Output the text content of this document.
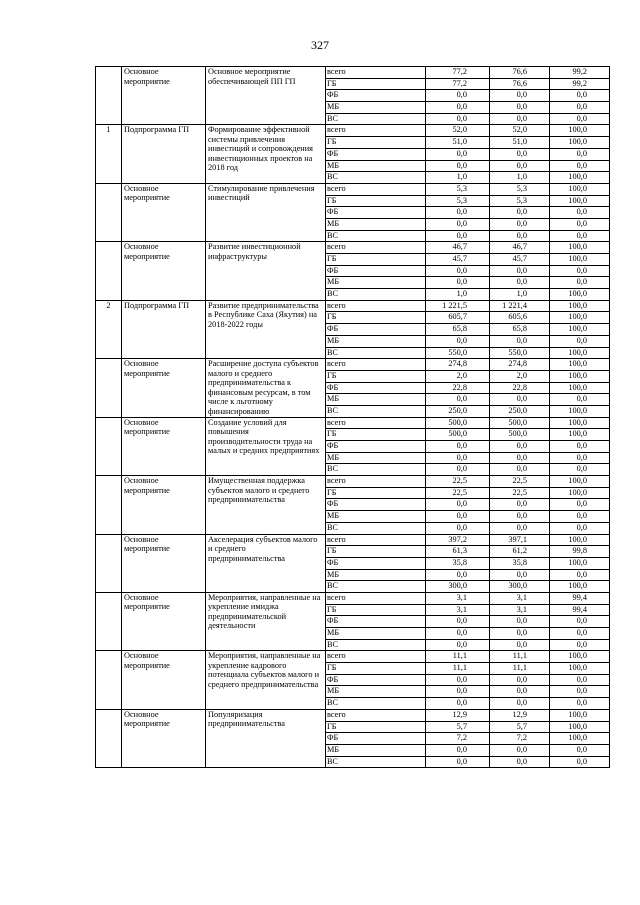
327
	Основное мероприятие	Основное мероприятие обеспечивающей ПП ГП	всего	77,2	76,6	99,2
			ГБ	77,2	76,6	99,2
			ФБ	0,0	0,0	0,0
			МБ	0,0	0,0	0,0
			ВС	0,0	0,0	0,0
1	Подпрограмма ГП	Формирование эффективной системы привлечения инвестиций и сопровождения инвестиционных проектов на 2018 год	всего	52,0	52,0	100,0
			ГБ	51,0	51,0	100,0
			ФБ	0,0	0,0	0,0
			МБ	0,0	0,0	0,0
			ВС	1,0	1,0	100,0
	Основное мероприятие	Стимулирование привлечения инвестиций	всего	5,3	5,3	100,0
			ГБ	5,3	5,3	100,0
			ФБ	0,0	0,0	0,0
			МБ	0,0	0,0	0,0
			ВС	0,0	0,0	0,0
	Основное мероприятие	Развитие инвестиционной инфраструктуры	всего	46,7	46,7	100,0
			ГБ	45,7	45,7	100,0
			ФБ	0,0	0,0	0,0
			МБ	0,0	0,0	0,0
			ВС	1,0	1,0	100,0
2	Подпрограмма ГП	Развитие предпринимательства в Республике Саха (Якутия) на 2018-2022 годы	всего	1 221,5	1 221,4	100,0
			ГБ	605,7	605,6	100,0
			ФБ	65,8	65,8	100,0
			МБ	0,0	0,0	0,0
			ВС	550,0	550,0	100,0
	Основное мероприятие	Расширение доступа субъектов малого и среднего предпринимательства к финансовым ресурсам, в том числе к льготному финансированию	всего	274,8	274,8	100,0
			ГБ	2,0	2,0	100,0
			ФБ	22,8	22,8	100,0
			МБ	0,0	0,0	0,0
			ВС	250,0	250,0	100,0
	Основное мероприятие	Создание условий для повышения производительности труда на малых и средних предприятиях	всего	500,0	500,0	100,0
			ГБ	500,0	500,0	100,0
			ФБ	0,0	0,0	0,0
			МБ	0,0	0,0	0,0
			ВС	0,0	0,0	0,0
	Основное мероприятие	Имущественная поддержка субъектов малого и среднего предпринимательства	всего	22,5	22,5	100,0
			ГБ	22,5	22,5	100,0
			ФБ	0,0	0,0	0,0
			МБ	0,0	0,0	0,0
			ВС	0,0	0,0	0,0
	Основное мероприятие	Акселерация субъектов малого и среднего предпринимательства	всего	397,2	397,1	100,0
			ГБ	61,3	61,2	99,8
			ФБ	35,8	35,8	100,0
			МБ	0,0	0,0	0,0
			ВС	300,0	300,0	100,0
	Основное мероприятие	Мероприятия, направленные на укрепление имиджа предпринимательской деятельности	всего	3,1	3,1	99,4
			ГБ	3,1	3,1	99,4
			ФБ	0,0	0,0	0,0
			МБ	0,0	0,0	0,0
			ВС	0,0	0,0	0,0
	Основное мероприятие	Мероприятия, направленные на укрепление кадрового потенциала субъектов малого и среднего предпринимательства	всего	11,1	11,1	100,0
			ГБ	11,1	11,1	100,0
			ФБ	0,0	0,0	0,0
			МБ	0,0	0,0	0,0
			ВС	0,0	0,0	0,0
	Основное мероприятие	Популяризация предпринимательства	всего	12,9	12,9	100,0
			ГБ	5,7	5,7	100,0
			ФБ	7,2	7,2	100,0
			МБ	0,0	0,0	0,0
			ВС	0,0	0,0	0,0
